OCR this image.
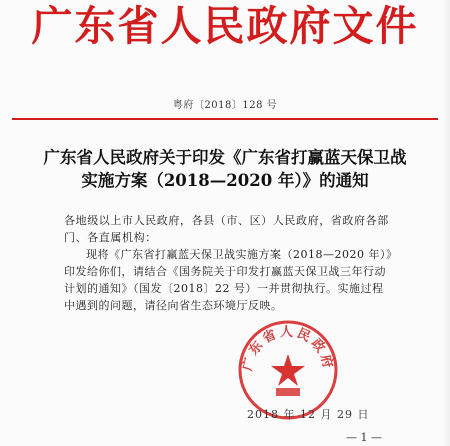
广东省人民政府文件
粤府〔2018〕128 号
广东省人民政府关于印发《广东省打赢蓝天保卫战实施方案（2018—2020 年）》的通知
各地级以上市人民政府，各县（市、区）人民政府，省政府各部门、各直属机构：
现将《广东省打赢蓝天保卫战实施方案（2018—2020 年）》印发给你们，请结合《国务院关于印发打赢蓝天保卫战三年行动计划的通知》（国发〔2018〕22 号）一并贯彻执行。实施过程中遇到的问题，请径向省生态环境厅反映。
广东省人民政府
2018 年 12 月 29 日
— 1 —
